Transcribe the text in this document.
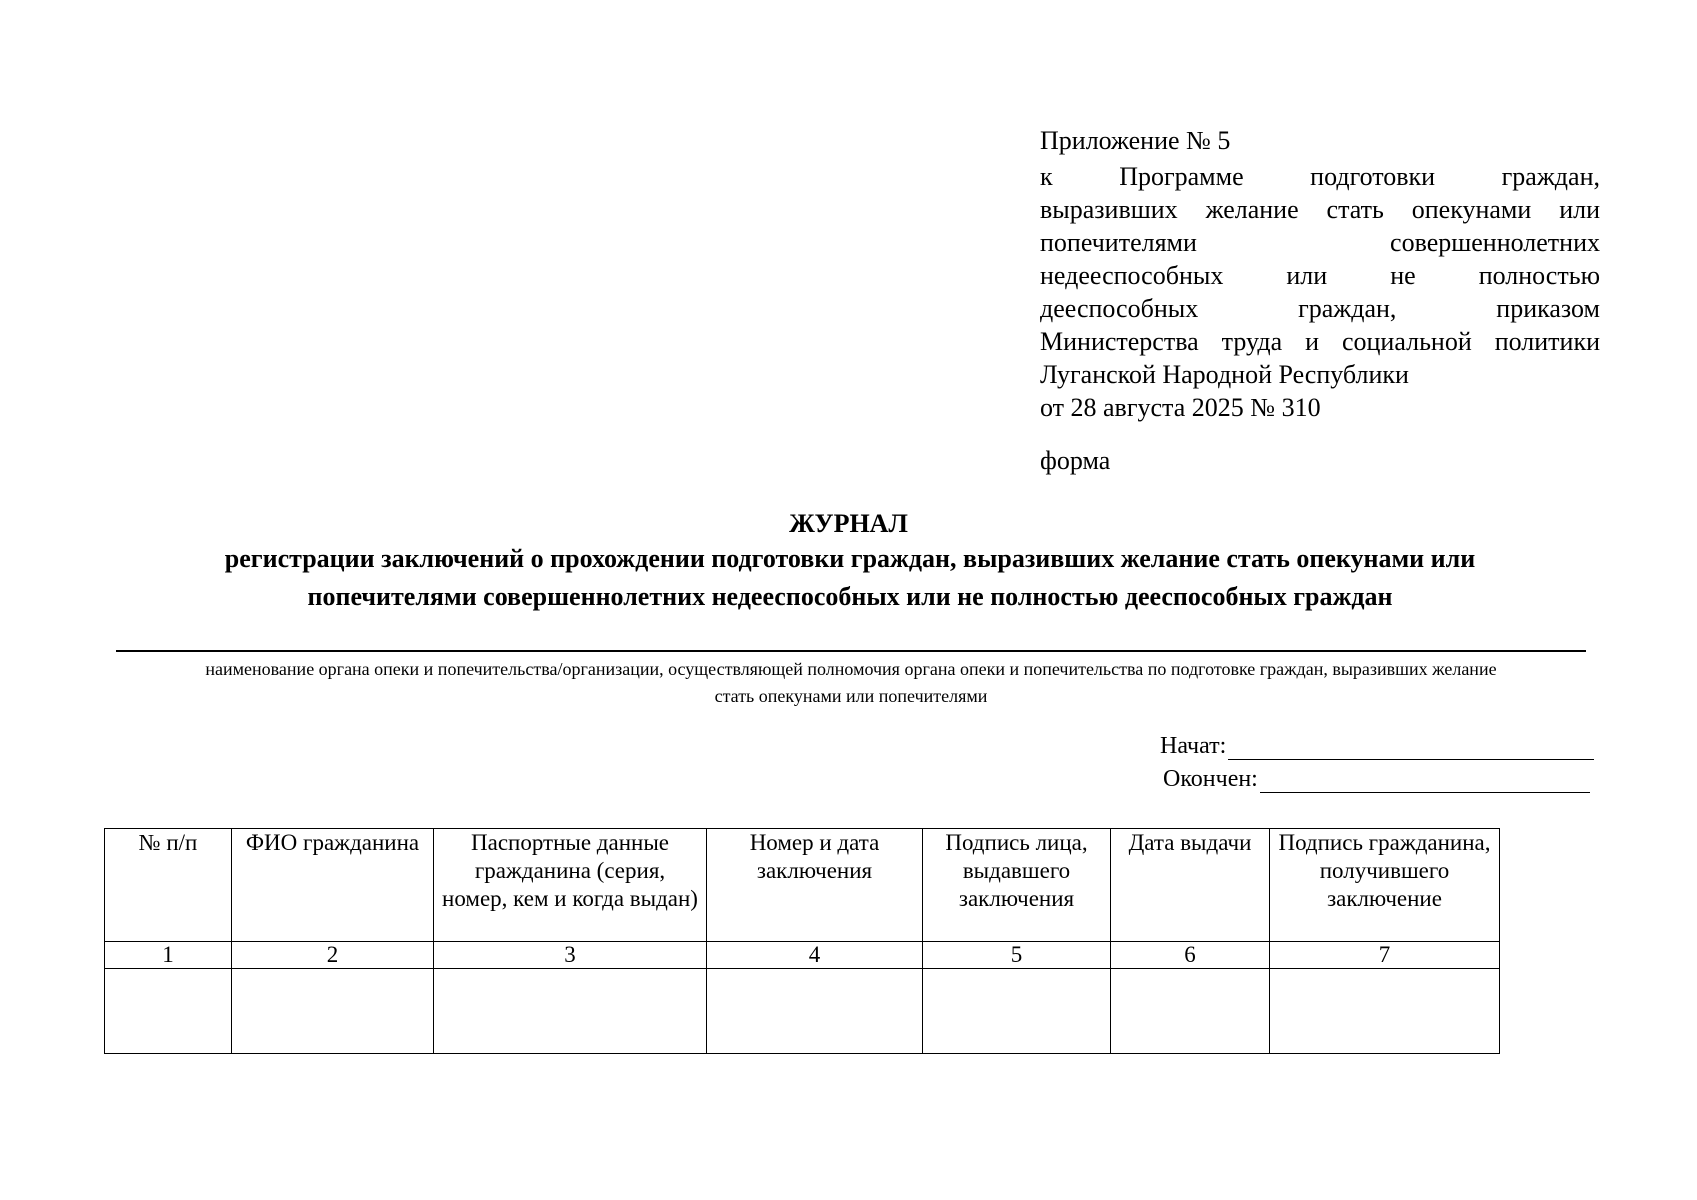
Приложение № 5
к Программе подготовки граждан,
выразивших желание стать опекунами или
попечителями совершеннолетних
недееспособных или не полностью
дееспособных граждан, приказом
Министерства труда и социальной политики
Луганской Народной Республики
от 28 августа 2025 № 310
форма
ЖУРНАЛ
регистрации заключений о прохождении подготовки граждан, выразивших желание стать опекунами или
попечителями совершеннолетних недееспособных или не полностью дееспособных граждан
наименование органа опеки и попечительства/организации, осуществляющей полномочия органа опеки и попечительства по подготовке граждан, выразивших желание
стать опекунами или попечителями
Начат:
Окончен:
№ п/п	ФИО гражданина	Паспортные данные гражданина (серия, номер, кем и когда выдан)	Номер и дата заключения	Подпись лица, выдавшего заключения	Дата выдачи	Подпись гражданина, получившего заключение
1	2	3	4	5	6	7
